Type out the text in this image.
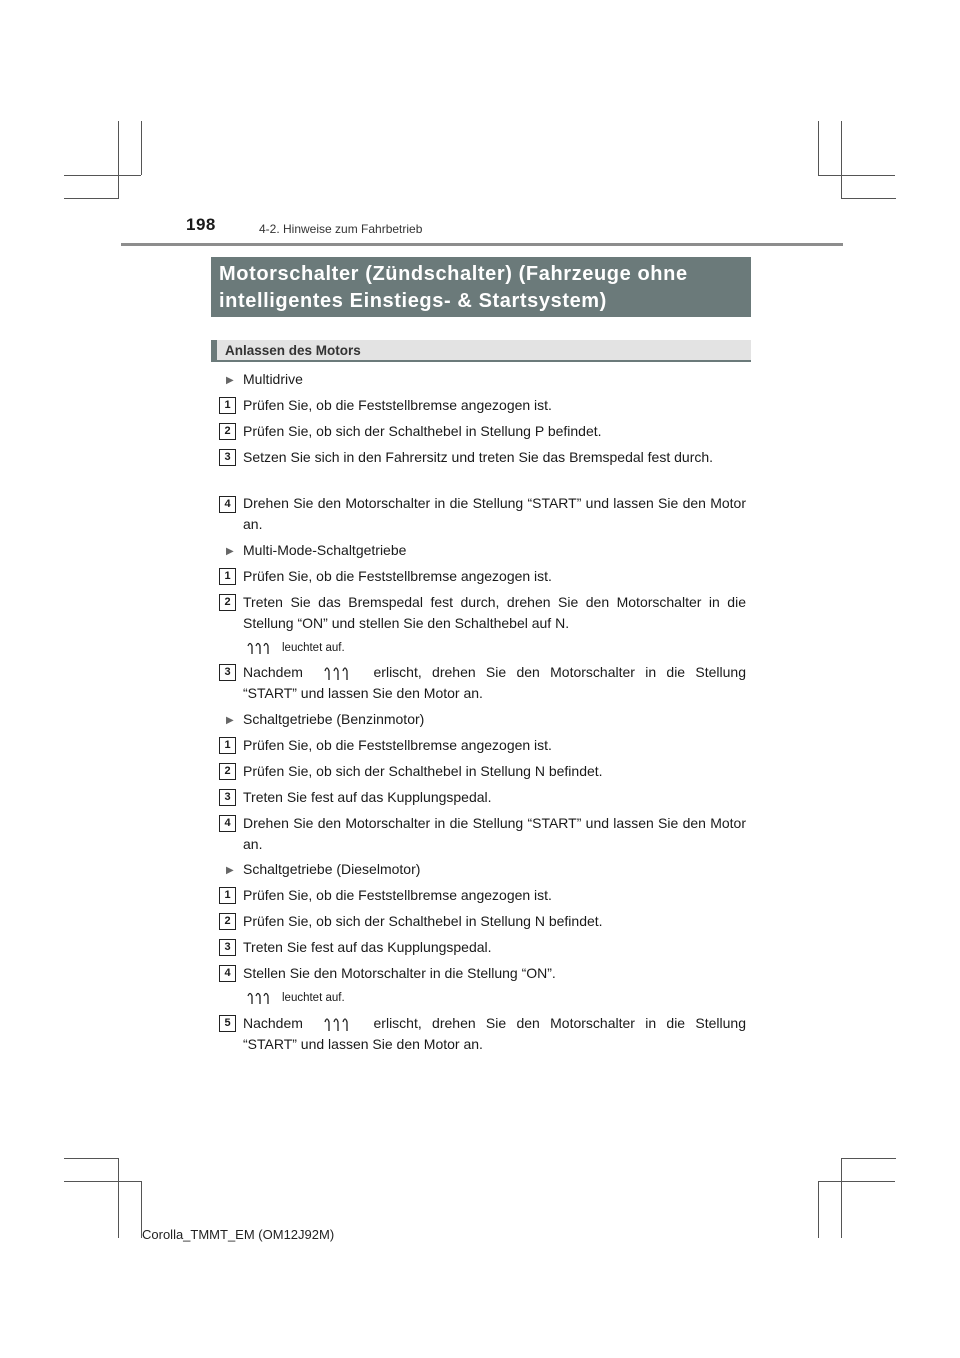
198	4-2. Hinweise zum Fahrbetrieb
Motorschalter (Zündschalter) (Fahrzeuge ohne
intelligentes Einstiegs- & Startsystem)
Anlassen des Motors
▶ Multidrive
1 Prüfen Sie, ob die Feststellbremse angezogen ist.
2 Prüfen Sie, ob sich der Schalthebel in Stellung P befindet.
3 Setzen Sie sich in den Fahrersitz und treten Sie das Bremspedal fest durch.
4 Drehen Sie den Motorschalter in die Stellung “START” und lassen Sie den Motor an.
▶ Multi-Mode-Schaltgetriebe
1 Prüfen Sie, ob die Feststellbremse angezogen ist.
2 Treten Sie das Bremspedal fest durch, drehen Sie den Motorschalter in die Stellung “ON” und stellen Sie den Schalthebel auf N.
leuchtet auf.
3 Nachdem	erlischt, drehen Sie den Motorschalter in die Stellung “START” und lassen Sie den Motor an.
▶ Schaltgetriebe (Benzinmotor)
1 Prüfen Sie, ob die Feststellbremse angezogen ist.
2 Prüfen Sie, ob sich der Schalthebel in Stellung N befindet.
3 Treten Sie fest auf das Kupplungspedal.
4 Drehen Sie den Motorschalter in die Stellung “START” und lassen Sie den Motor an.
▶ Schaltgetriebe (Dieselmotor)
1 Prüfen Sie, ob die Feststellbremse angezogen ist.
2 Prüfen Sie, ob sich der Schalthebel in Stellung N befindet.
3 Treten Sie fest auf das Kupplungspedal.
4 Stellen Sie den Motorschalter in die Stellung “ON”.
leuchtet auf.
5 Nachdem	erlischt, drehen Sie den Motorschalter in die Stellung “START” und lassen Sie den Motor an.
Corolla_TMMT_EM (OM12J92M)
